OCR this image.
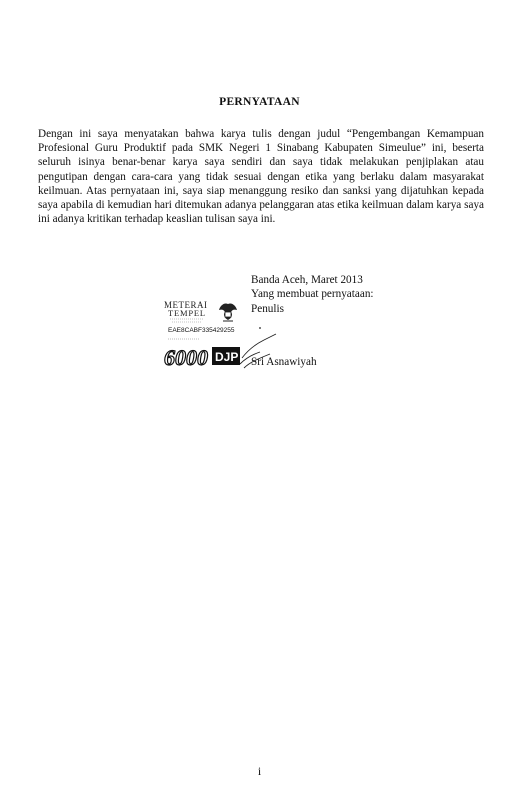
PERNYATAAN

Dengan ini saya menyatakan bahwa karya tulis dengan judul “Pengembangan Kemampuan Profesional Guru Produktif pada SMK Negeri 1 Sinabang Kabupaten Simeulue” ini, beserta seluruh isinya benar-benar karya saya sendiri dan saya tidak melakukan penjiplakan atau pengutipan dengan cara-cara yang tidak sesuai dengan etika yang berlaku dalam masyarakat keilmuan. Atas pernyataan ini, saya siap menanggung resiko dan sanksi yang dijatuhkan kepada saya apabila di kemudian hari ditemukan adanya pelanggaran atas etika keilmuan dalam karya saya ini adanya kritikan terhadap keaslian tulisan saya ini.

Banda Aceh, Maret 2013
Yang membuat pernyataan:
Penulis
METERAI
TEMPEL
EAE8CABF335429255
6000 DJP Sri Asnawiyah
i
